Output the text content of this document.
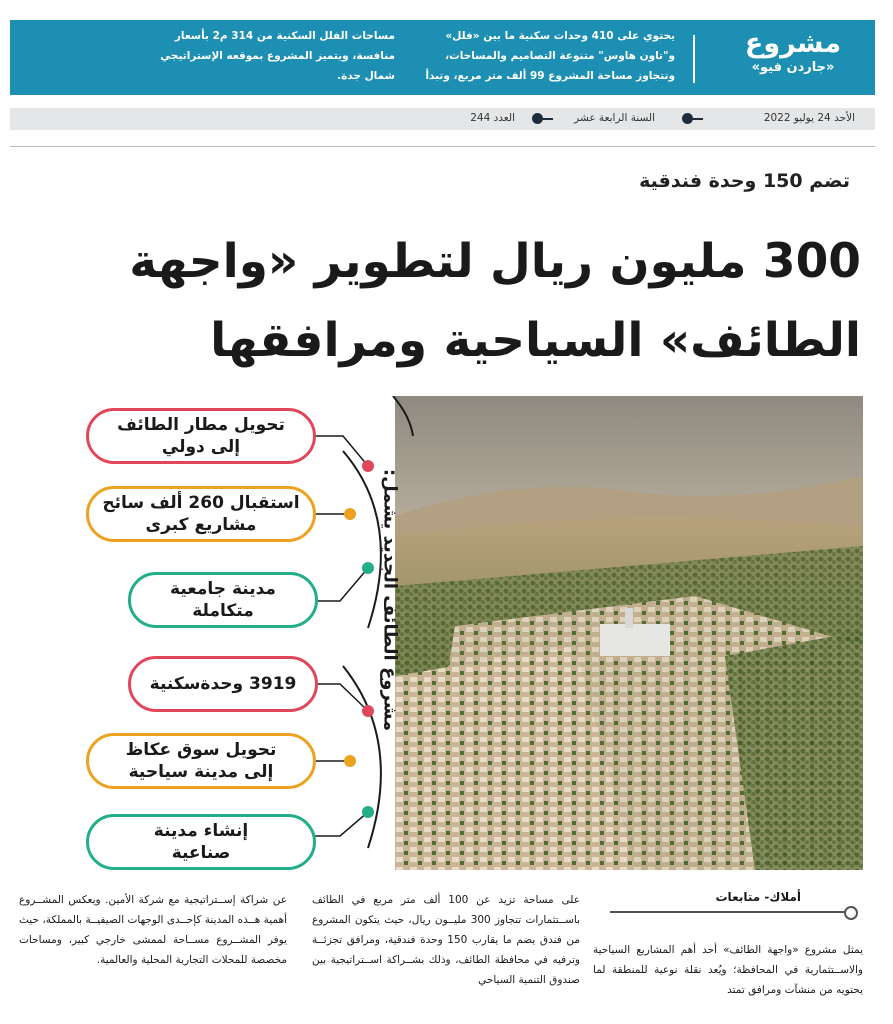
مشروع
«جاردن فيو»
يحتوي على 410 وحدات سكنية ما بين «فلل» و"تاون هاوس" متنوعة التصاميم والمساحات، وتتجاوز مساحة المشروع 99 ألف متر مربع، وتبدأ
مساحات الفلل السكنية من 314 م2 بأسعار منافسة، ويتميز المشروع بموقعه الإستراتيجي شمال جدة.
الأحد 24 يوليو 2022
السنة الرابعة عشر
العدد 244
تضم 150 وحدة فندقية
300 مليون ريال لتطوير «واجهة الطائف» السياحية ومرافقها
تحويل مطار الطائف
إلى دولي
استقبال 260 ألف سائح
مشاريع كبرى
مدينة جامعية
متكاملة
3919 وحدةسكنية
تحويل سوق عكاظ
إلى مدينة سياحية
إنشاء مدينة
صناعية
مشروع الطائف الجديد يشمل:
أملاك- متابعات
يمثل مشروع «واجهة الطائف» أحد أهم المشاريع السياحية والاســتثمارية في المحافظة؛ ويُعد نقلة نوعية للمنطقة لما يحتويه من منشآت ومرافق تمتد
على مساحة تزيد عن 100 ألف متر مربع في الطائف باســتثمارات تتجاوز 300 مليــون ريال، حيث يتكون المشروع من فندق يضم ما يقارب 150 وحدة فندقية، ومرافق تجزئــة وترفيه في محافظة الطائف، وذلك بشــراكة اســتراتيجية بين صندوق التنمية السياحي
عن شراكة إســتراتيجية مع شركة الأمين. ويعكس المشــروع أهمية هــذه المدينة كإحــدى الوجهات الصيفيــة بالمملكة، حيث يوفر المشــروع مســاحة لممشى خارجي كبير، ومساحات مخصصة للمحلات التجارية المحلية والعالمية.
